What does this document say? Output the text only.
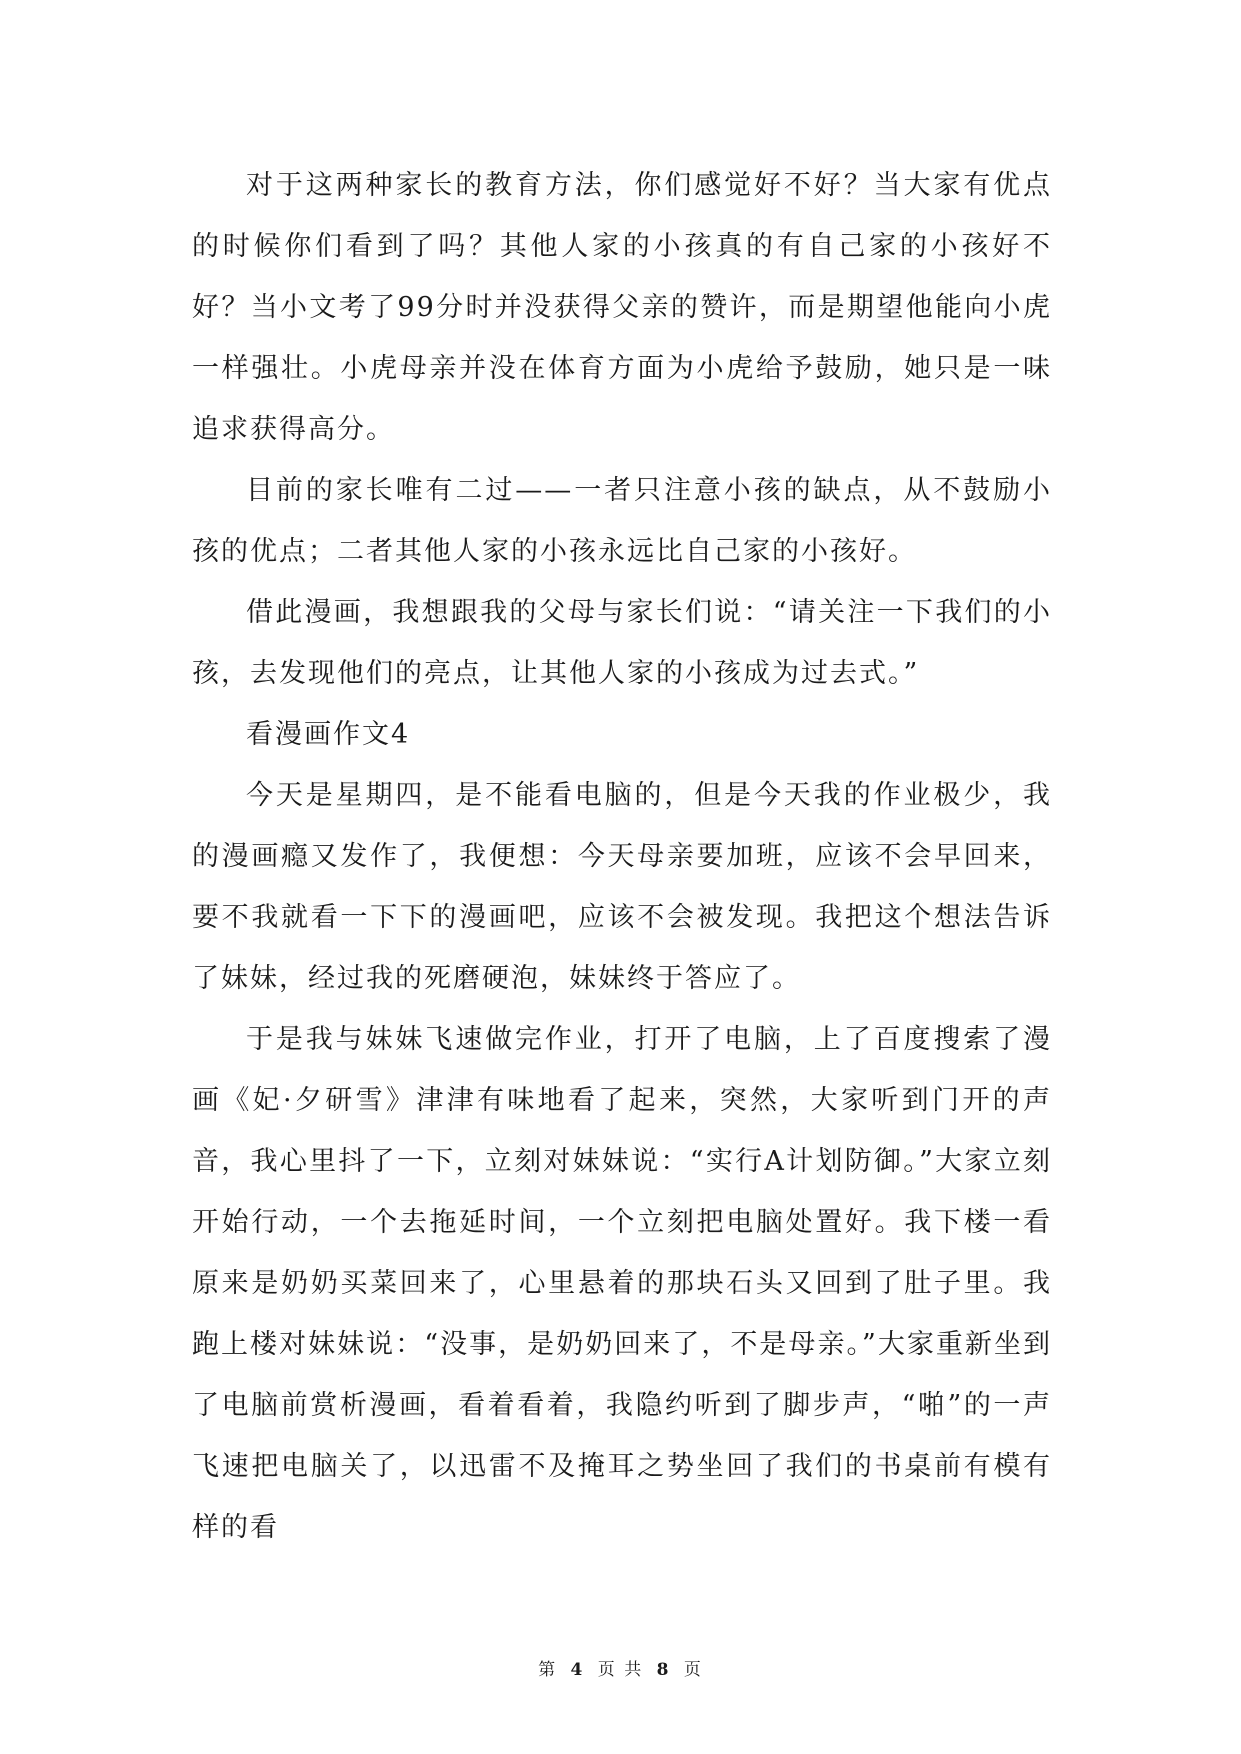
对于这两种家长的教育方法，你们感觉好不好？当大家有优点的时候你们看到了吗？其他人家的小孩真的有自己家的小孩好不好？当小文考了99分时并没获得父亲的赞许，而是期望他能向小虎一样强壮。小虎母亲并没在体育方面为小虎给予鼓励，她只是一味追求获得高分。

目前的家长唯有二过——一者只注意小孩的缺点，从不鼓励小孩的优点；二者其他人家的小孩永远比自己家的小孩好。

借此漫画，我想跟我的父母与家长们说：“请关注一下我们的小孩，去发现他们的亮点，让其他人家的小孩成为过去式。”

看漫画作文4

今天是星期四，是不能看电脑的，但是今天我的作业极少，我的漫画瘾又发作了，我便想：今天母亲要加班，应该不会早回来，要不我就看一下下的漫画吧，应该不会被发现。我把这个想法告诉了妹妹，经过我的死磨硬泡，妹妹终于答应了。

于是我与妹妹飞速做完作业，打开了电脑，上了百度搜索了漫画《妃·夕研雪》津津有味地看了起来，突然，大家听到门开的声音，我心里抖了一下，立刻对妹妹说：“实行A计划防御。”大家立刻开始行动，一个去拖延时间，一个立刻把电脑处置好。我下楼一看原来是奶奶买菜回来了，心里悬着的那块石头又回到了肚子里。我跑上楼对妹妹说：“没事，是奶奶回来了，不是母亲。”大家重新坐到了电脑前赏析漫画，看着看着，我隐约听到了脚步声，“啪”的一声飞速把电脑关了，以迅雷不及掩耳之势坐回了我们的书桌前有模有样的看

第 4 页 共 8 页
